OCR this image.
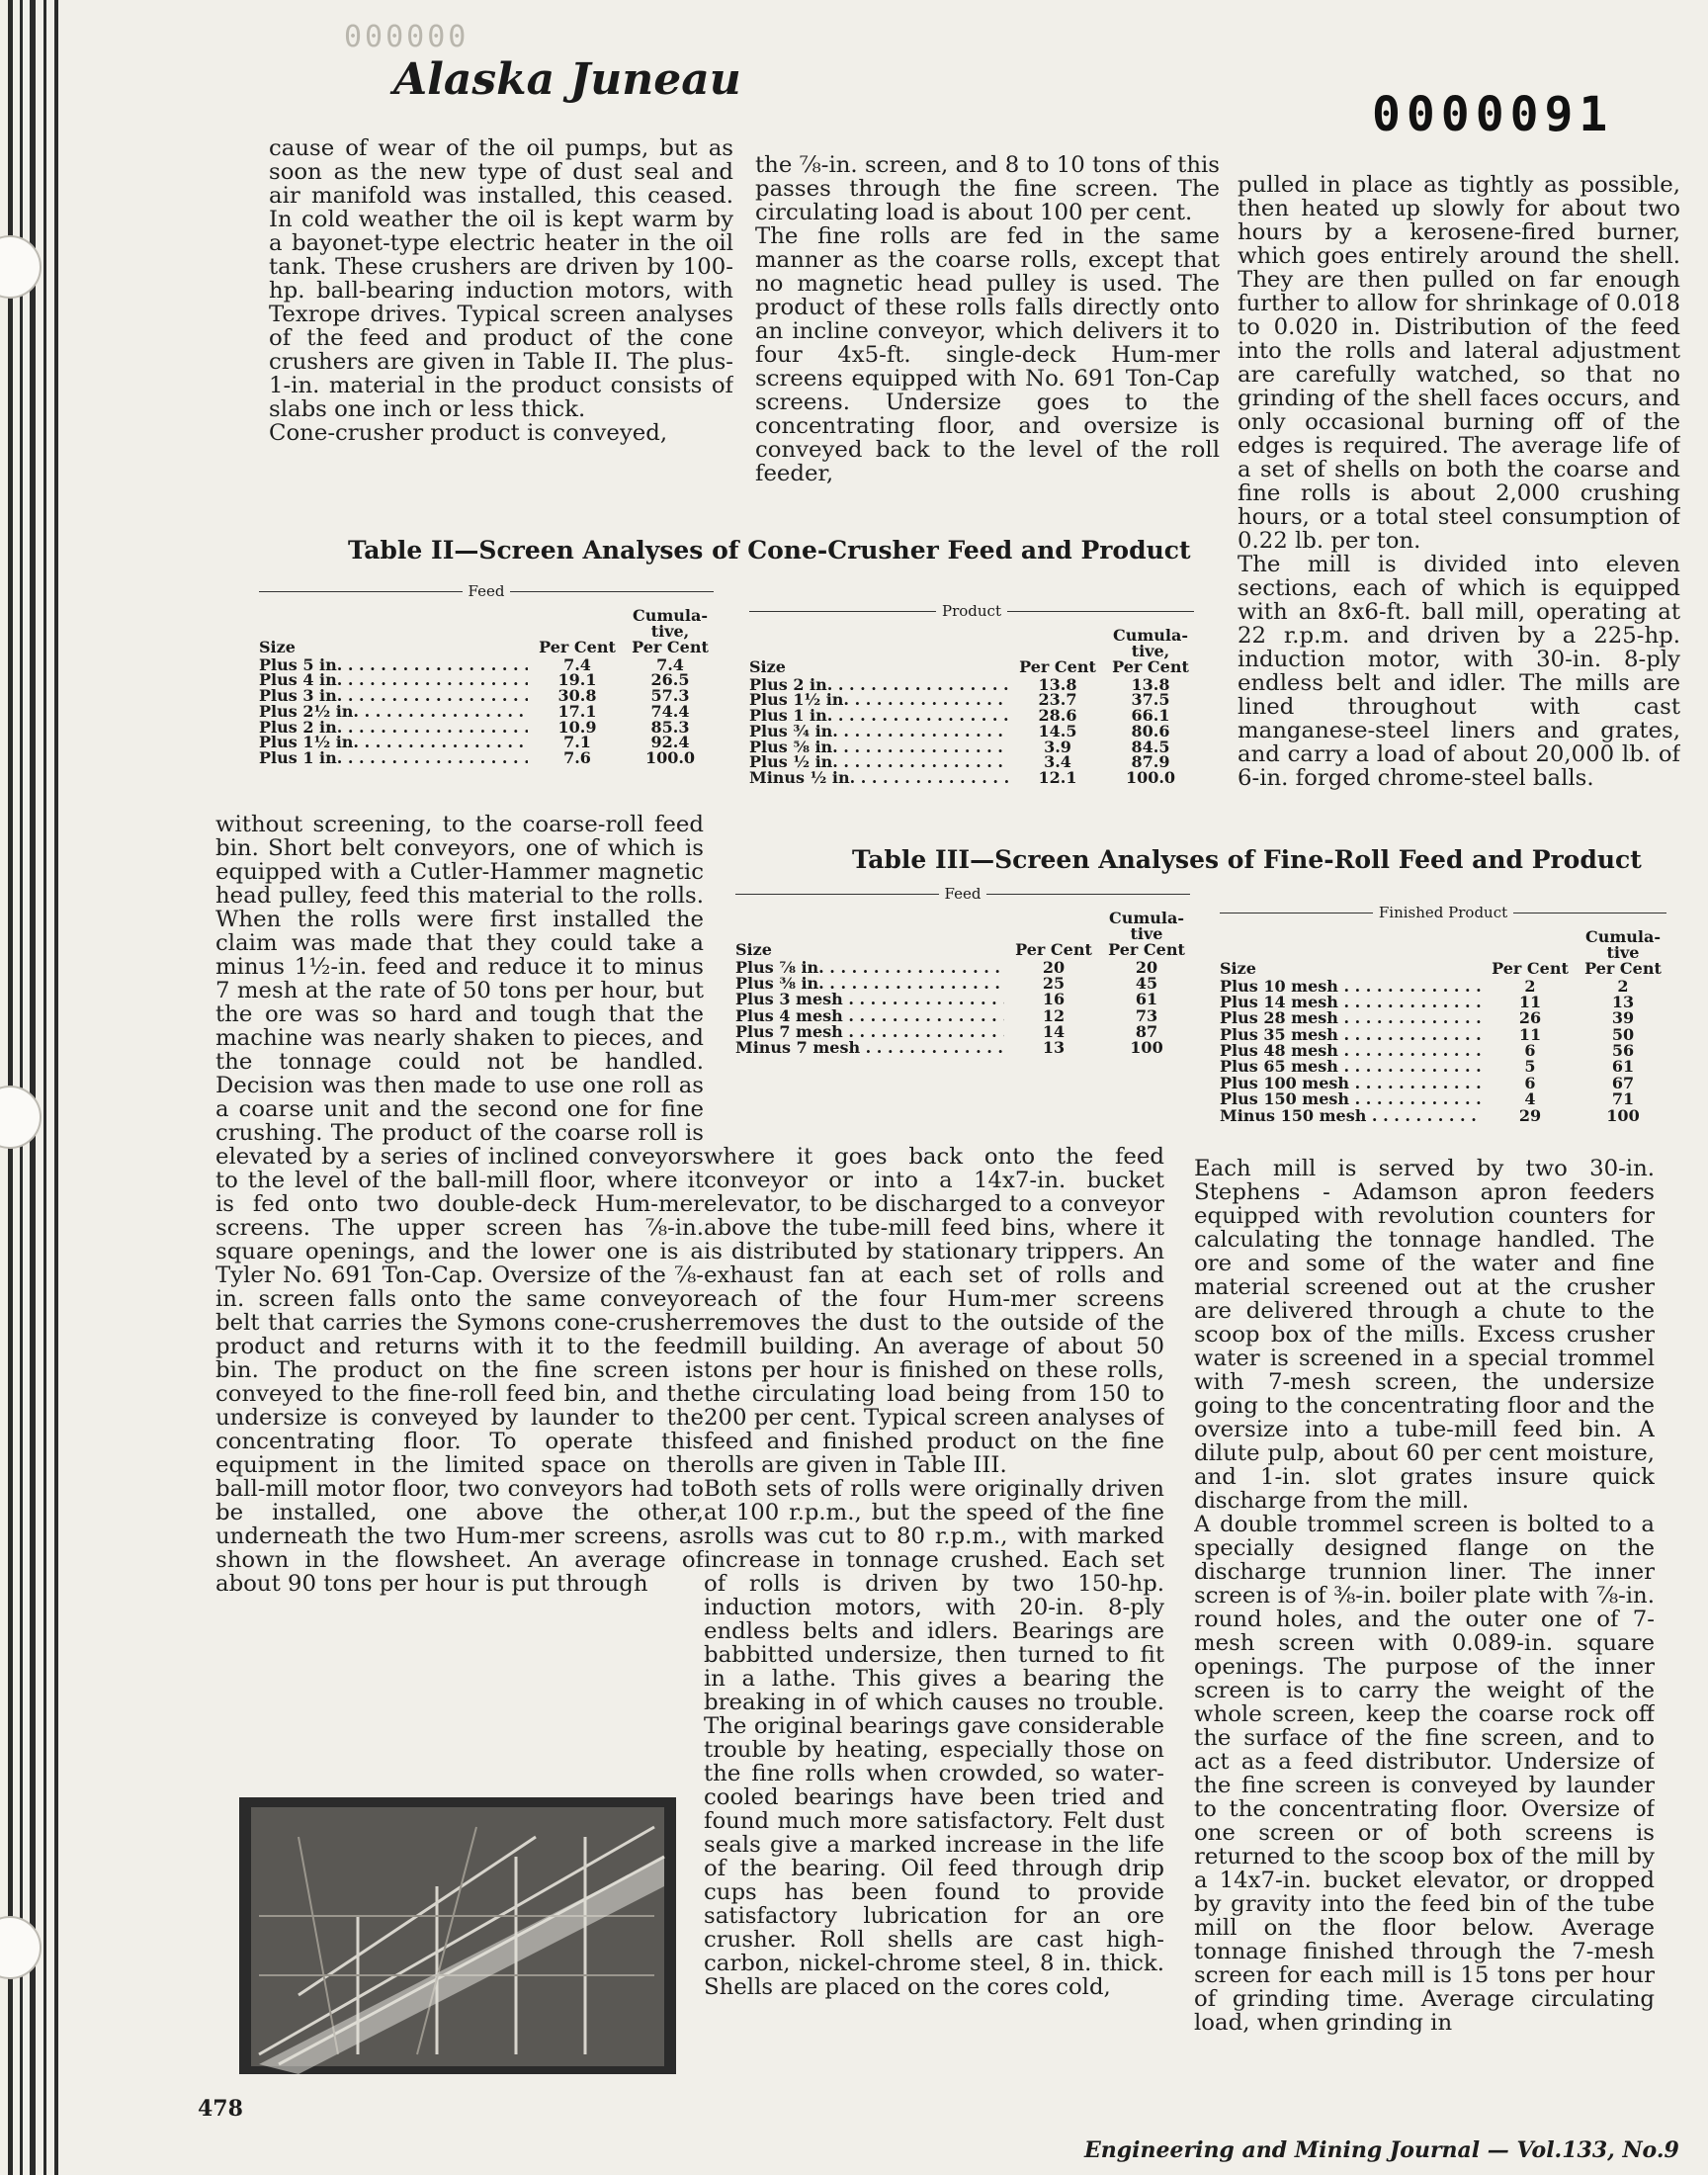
000000
Alaska Juneau
0000091
cause of wear of the oil pumps, but as soon as the new type of dust seal and air manifold was installed, this ceased. In cold weather the oil is kept warm by a bayonet-type electric heater in the oil tank. These crushers are driven by 100-hp. ball-bearing induction motors, with Texrope drives. Typical screen analyses of the feed and product of the cone crushers are given in Table II. The plus-1-in. material in the product consists of slabs one inch or less thick.
Cone-crusher product is conveyed,
the ⅞-in. screen, and 8 to 10 tons of this passes through the fine screen. The circulating load is about 100 per cent.
The fine rolls are fed in the same manner as the coarse rolls, except that no magnetic head pulley is used. The product of these rolls falls directly onto an incline conveyor, which delivers it to four 4x5-ft. single-deck Hum-mer screens equipped with No. 691 Ton-Cap screens. Undersize goes to the concentrating floor, and oversize is conveyed back to the level of the roll feeder,
pulled in place as tightly as possible, then heated up slowly for about two hours by a kerosene-fired burner, which goes entirely around the shell. They are then pulled on far enough further to allow for shrinkage of 0.018 to 0.020 in. Distribution of the feed into the rolls and lateral adjustment are carefully watched, so that no grinding of the shell faces occurs, and only occasional burning off of the edges is required. The average life of a set of shells on both the coarse and fine rolls is about 2,000 crushing hours, or a total steel consumption of 0.22 lb. per ton.
The mill is divided into eleven sections, each of which is equipped with an 8x6-ft. ball mill, operating at 22 r.p.m. and driven by a 225-hp. induction motor, with 30-in. 8-ply endless belt and idler. The mills are lined throughout with cast manganese-steel liners and grates, and carry a load of about 20,000 lb. of 6-in. forged chrome-steel balls.
Table II—Screen Analyses of Cone-Crusher Feed and Product
Feed
Size	Per Cent
Cumula-
tive,
Per Cent
Plus 5 in. . . .	7.4	7.4
Plus 4 in. . . .	19.1	26.5
Plus 3 in. . . .	30.8	57.3
Plus 2½ in. . . .	17.1	74.4
Plus 2 in. . . .	10.9	85.3
Plus 1½ in. . . .	7.1	92.4
Plus 1 in. . . .	7.6	100.0
Product
Size	Per Cent
Cumula-
tive,
Per Cent
Plus 2 in. . . .	13.8	13.8
Plus 1½ in. . . .	23.7	37.5
Plus 1 in. . . .	28.6	66.1
Plus ¾ in. . . .	14.5	80.6
Plus ⅝ in. . . .	3.9	84.5
Plus ½ in. . . .	3.4	87.9
Minus ½ in. . . .	12.1	100.0
without screening, to the coarse-roll feed bin. Short belt conveyors, one of which is equipped with a Cutler-Hammer magnetic head pulley, feed this material to the rolls. When the rolls were first installed the claim was made that they could take a minus 1½-in. feed and reduce it to minus 7 mesh at the rate of 50 tons per hour, but the ore was so hard and tough that the machine was nearly shaken to pieces, and the tonnage could not be handled. Decision was then made to use one roll as a coarse unit and the second one for fine crushing. The product of the coarse roll is elevated by a series of inclined conveyors to the level of the ball-mill floor, where it is fed onto two double-deck Hum-mer screens. The upper screen has ⅞-in. square openings, and the lower one is a Tyler No. 691 Ton-Cap. Oversize of the ⅞-in. screen falls onto the same conveyor belt that carries the Symons cone-crusher product and returns with it to the feed bin. The product on the fine screen is conveyed to the fine-roll feed bin, and the undersize is conveyed by launder to the concentrating floor. To operate this equipment in the limited space on the ball-mill motor floor, two conveyors had to be installed, one above the other, underneath the two Hum-mer screens, as shown in the flowsheet. An average of about 90 tons per hour is put through
Table III—Screen Analyses of Fine-Roll Feed and Product
Feed
Size	Per Cent
Cumula-
tive
Per Cent
Plus ⅞ in. . . .	20	20
Plus ⅜ in. . . .	25	45
Plus 3 mesh . . .	16	61
Plus 4 mesh . . .	12	73
Plus 7 mesh . . .	14	87
Minus 7 mesh . . .	13	100
Finished Product
Size	Per Cent
Cumula-
tive
Per Cent
Plus 10 mesh . . .	2	2
Plus 14 mesh . . .	11	13
Plus 28 mesh . . .	26	39
Plus 35 mesh . . .	11	50
Plus 48 mesh . . .	6	56
Plus 65 mesh . . .	5	61
Plus 100 mesh . . .	6	67
Plus 150 mesh . . .	4	71
Minus 150 mesh . . .	29	100
where it goes back onto the feed conveyor or into a 14x7-in. bucket elevator, to be discharged to a conveyor above the tube-mill feed bins, where it is distributed by stationary trippers. An exhaust fan at each set of rolls and each of the four Hum-mer screens removes the dust to the outside of the mill building. An average of about 50 tons per hour is finished on these rolls, the circulating load being from 150 to 200 per cent. Typical screen analyses of feed and finished product on the fine rolls are given in Table III.
Both sets of rolls were originally driven at 100 r.p.m., but the speed of the fine rolls was cut to 80 r.p.m., with marked increase in tonnage crushed. Each set of rolls is driven by two 150-hp. induction motors, with 20-in. 8-ply endless belts and idlers. Bearings are babbitted undersize, then turned to fit in a lathe. This gives a bearing the breaking in of which causes no trouble. The original bearings gave considerable trouble by heating, especially those on the fine rolls when crowded, so water-cooled bearings have been tried and found much more satisfactory. Felt dust seals give a marked increase in the life of the bearing. Oil feed through drip cups has been found to provide satisfactory lubrication for an ore crusher. Roll shells are cast high-carbon, nickel-chrome steel, 8 in. thick. Shells are placed on the cores cold,
Each mill is served by two 30-in. Stephens - Adamson apron feeders equipped with revolution counters for calculating the tonnage handled. The ore and some of the water and fine material screened out at the crusher are delivered through a chute to the scoop box of the mills. Excess crusher water is screened in a special trommel with 7-mesh screen, the undersize going to the concentrating floor and the oversize into a tube-mill feed bin. A dilute pulp, about 60 per cent moisture, and 1-in. slot grates insure quick discharge from the mill.
A double trommel screen is bolted to a specially designed flange on the discharge trunnion liner. The inner screen is of ⅜-in. boiler plate with ⅞-in. round holes, and the outer one of 7-mesh screen with 0.089-in. square openings. The purpose of the inner screen is to carry the weight of the whole screen, keep the coarse rock off the surface of the fine screen, and to act as a feed distributor. Undersize of the fine screen is conveyed by launder to the concentrating floor. Oversize of one screen or of both screens is returned to the scoop box of the mill by a 14x7-in. bucket elevator, or dropped by gravity into the feed bin of the tube mill on the floor below. Average tonnage finished through the 7-mesh screen for each mill is 15 tons per hour of grinding time. Average circulating load, when grinding in
478
Engineering and Mining Journal — Vol.133, No.9
